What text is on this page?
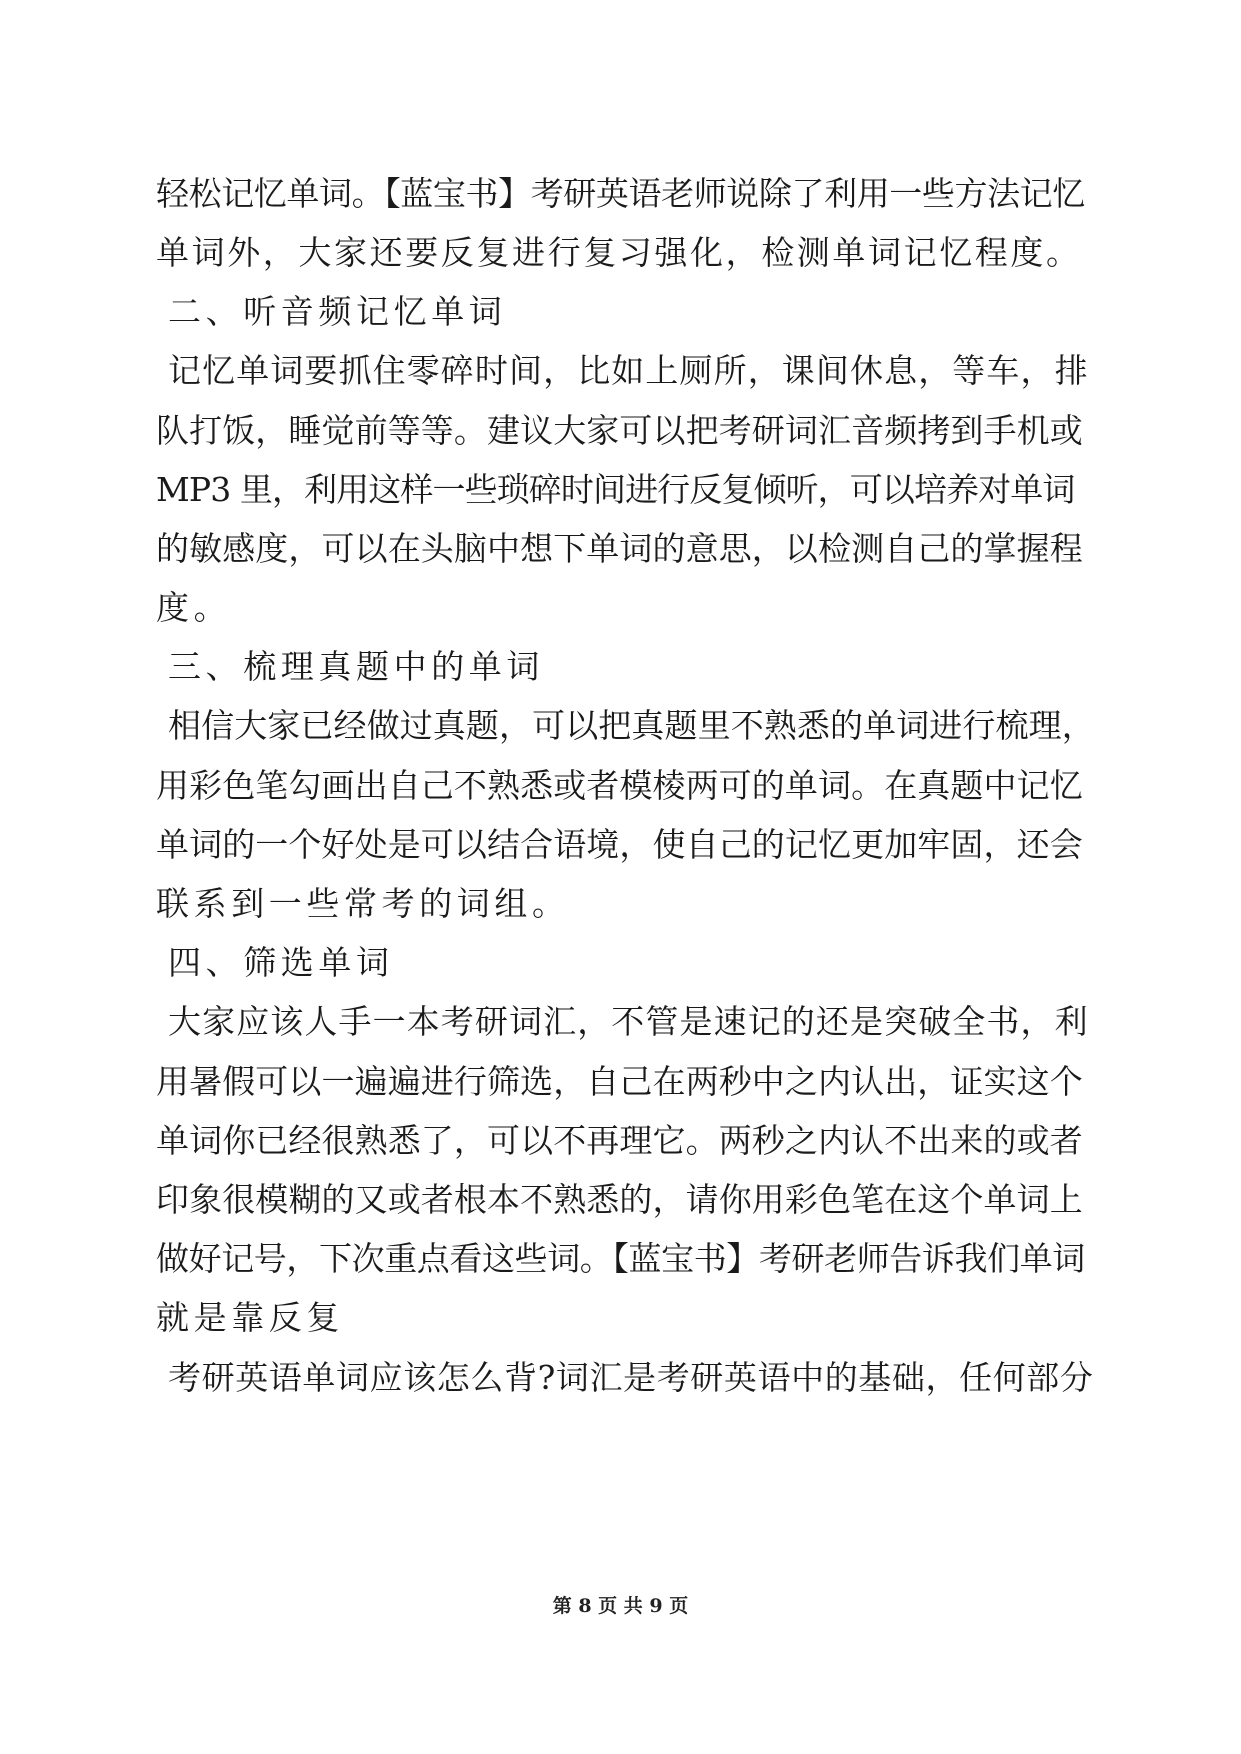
轻松记忆单词。【蓝宝书】考研英语老师说除了利用一些方法记忆
单词外，大家还要反复进行复习强化，检测单词记忆程度。
二、听音频记忆单词
记忆单词要抓住零碎时间，比如上厕所，课间休息，等车，排
队打饭，睡觉前等等。建议大家可以把考研词汇音频拷到手机或
MP3 里，利用这样一些琐碎时间进行反复倾听，可以培养对单词
的敏感度，可以在头脑中想下单词的意思，以检测自己的掌握程
度。
三、梳理真题中的单词
相信大家已经做过真题，可以把真题里不熟悉的单词进行梳理，
用彩色笔勾画出自己不熟悉或者模棱两可的单词。在真题中记忆
单词的一个好处是可以结合语境，使自己的记忆更加牢固，还会
联系到一些常考的词组。
四、筛选单词
大家应该人手一本考研词汇，不管是速记的还是突破全书，利
用暑假可以一遍遍进行筛选，自己在两秒中之内认出，证实这个
单词你已经很熟悉了，可以不再理它。两秒之内认不出来的或者
印象很模糊的又或者根本不熟悉的，请你用彩色笔在这个单词上
做好记号，下次重点看这些词。【蓝宝书】考研老师告诉我们单词
就是靠反复
考研英语单词应该怎么背?词汇是考研英语中的基础，任何部分
第 8 页 共 9 页
